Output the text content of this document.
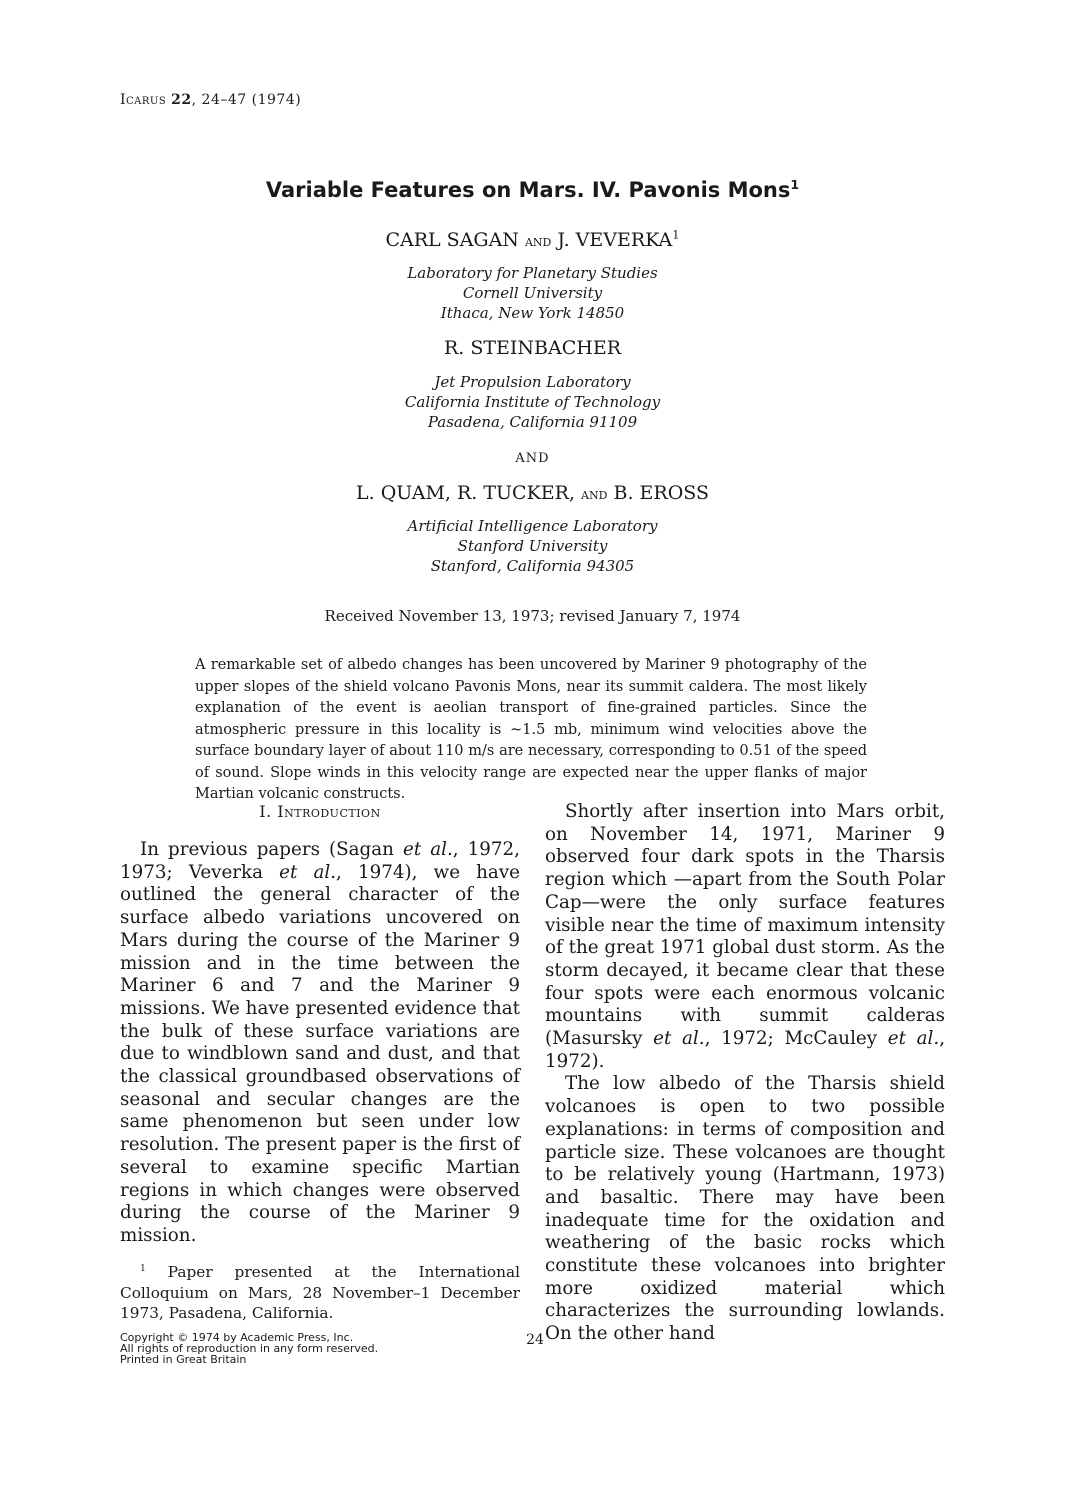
Icarus 22, 24–47 (1974)
Variable Features on Mars. IV. Pavonis Mons$^1$
CARL SAGAN and J. VEVERKA$^1$
Laboratory for Planetary Studies
Cornell University
Ithaca, New York 14850
R. STEINBACHER
Jet Propulsion Laboratory
California Institute of Technology
Pasadena, California 91109
AND
L. QUAM, R. TUCKER, and B. EROSS
Artificial Intelligence Laboratory
Stanford University
Stanford, California 94305
Received November 13, 1973; revised January 7, 1974
A remarkable set of albedo changes has been uncovered by Mariner 9 photography of the upper slopes of the shield volcano Pavonis Mons, near its summit caldera. The most likely explanation of the event is aeolian transport of fine-grained particles. Since the atmospheric pressure in this locality is ~1.5 mb, minimum wind velocities above the surface boundary layer of about 110 m/s are necessary, corresponding to 0.51 of the speed of sound. Slope winds in this velocity range are expected near the upper flanks of major Martian volcanic constructs.
I. Introduction

In previous papers (Sagan et al., 1972, 1973; Veverka et al., 1974), we have outlined the general character of the surface albedo variations uncovered on Mars during the course of the Mariner 9 mission and in the time between the Mariner 6 and 7 and the Mariner 9 missions. We have presented evidence that the bulk of these surface variations are due to windblown sand and dust, and that the classical groundbased observations of seasonal and secular changes are the same phenomenon but seen under low resolution. The present paper is the first of several to examine specific Martian regions in which changes were observed during the course of the Mariner 9 mission.

$^1$ Paper presented at the International Colloquium on Mars, 28 November–1 December 1973, Pasadena, California.

Copyright © 1974 by Academic Press, Inc.
All rights of reproduction in any form reserved.
Printed in Great Britain
24

Shortly after insertion into Mars orbit, on November 14, 1971, Mariner 9 observed four dark spots in the Tharsis region which —apart from the South Polar Cap—were the only surface features visible near the time of maximum intensity of the great 1971 global dust storm. As the storm decayed, it became clear that these four spots were each enormous volcanic mountains with summit calderas (Masursky et al., 1972; McCauley et al., 1972).

The low albedo of the Tharsis shield volcanoes is open to two possible explanations: in terms of composition and particle size. These volcanoes are thought to be relatively young (Hartmann, 1973) and basaltic. There may have been inadequate time for the oxidation and weathering of the basic rocks which constitute these volcanoes into brighter more oxidized material which characterizes the surrounding lowlands. On the other hand
